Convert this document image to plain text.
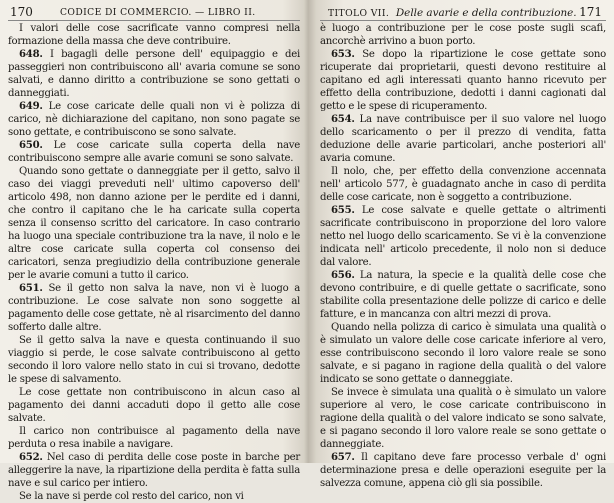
170	CODICE DI COMMERCIO. — LIBRO II.

I valori delle cose sacrificate vanno compresi nella formazione della massa che deve contribuire.

648. I bagagli delle persone dell' equipaggio e dei passeggieri non contribuiscono all' avaria comune se sono salvati, e danno diritto a contribuzione se sono gettati o danneggiati.

649. Le cose caricate delle quali non vi è polizza di carico, nè dichiarazione del capitano, non sono pagate se sono gettate, e contribuiscono se sono salvate.

650. Le cose caricate sulla coperta della nave contribuiscono sempre alle avarie comuni se sono salvate.

Quando sono gettate o danneggiate per il getto, salvo il caso dei viaggi preveduti nell' ultimo capoverso dell' articolo 498, non danno azione per le perdite ed i danni, che contro il capitano che le ha caricate sulla coperta senza il consenso scritto del caricatore. In caso contrario ha luogo una speciale contribuzione tra la nave, il nolo e le altre cose caricate sulla coperta col consenso dei caricatori, senza pregiudizio della contribuzione generale per le avarie comuni a tutto il carico.

651. Se il getto non salva la nave, non vi è luogo a contribuzione. Le cose salvate non sono soggette al pagamento delle cose gettate, nè al risarcimento del danno sofferto dalle altre.

Se il getto salva la nave e questa continuando il suo viaggio si perde, le cose salvate contribuiscono al getto secondo il loro valore nello stato in cui si trovano, dedotte le spese di salvamento.

Le cose gettate non contribuiscono in alcun caso al pagamento dei danni accaduti dopo il getto alle cose salvate.

Il carico non contribuisce al pagamento della nave perduta o resa inabile a navigare.

652. Nel caso di perdita delle cose poste in barche per alleggerire la nave, la ripartizione della perdita è fatta sulla nave e sul carico per intiero.

Se la nave si perde col resto del carico, non vi

TITOLO VII. Delle avarie e della contribuzione. 171

è luogo a contribuzione per le cose poste sugli scafi, ancorchè arrivino a buon porto.

653. Se dopo la ripartizione le cose gettate sono ricuperate dai proprietarii, questi devono restituire al capitano ed agli interessati quanto hanno ricevuto per effetto della contribuzione, dedotti i danni cagionati dal getto e le spese di ricuperamento.

654. La nave contribuisce per il suo valore nel luogo dello scaricamento o per il prezzo di vendita, fatta deduzione delle avarie particolari, anche posteriori all' avaria comune.

Il nolo, che, per effetto della convenzione accennata nell' articolo 577, è guadagnato anche in caso di perdita delle cose caricate, non è soggetto a contribuzione.

655. Le cose salvate e quelle gettate o altrimenti sacrificate contribuiscono in proporzione del loro valore netto nel luogo dello scaricamento. Se vi è la convenzione indicata nell' articolo precedente, il nolo non si deduce dal valore.

656. La natura, la specie e la qualità delle cose che devono contribuire, e di quelle gettate o sacrificate, sono stabilite colla presentazione delle polizze di carico e delle fatture, e in mancanza con altri mezzi di prova.

Quando nella polizza di carico è simulata una qualità o è simulato un valore delle cose caricate inferiore al vero, esse contribuiscono secondo il loro valore reale se sono salvate, e si pagano in ragione della qualità o del valore indicato se sono gettate o danneggiate.

Se invece è simulata una qualità o è simulato un valore superiore al vero, le cose caricate contribuiscono in ragione della qualità o del valore indicato se sono salvate, e si pagano secondo il loro valore reale se sono gettate o danneggiate.

657. Il capitano deve fare processo verbale d' ogni determinazione presa e delle operazioni eseguite per la salvezza comune, appena ciò gli sia possibile.
